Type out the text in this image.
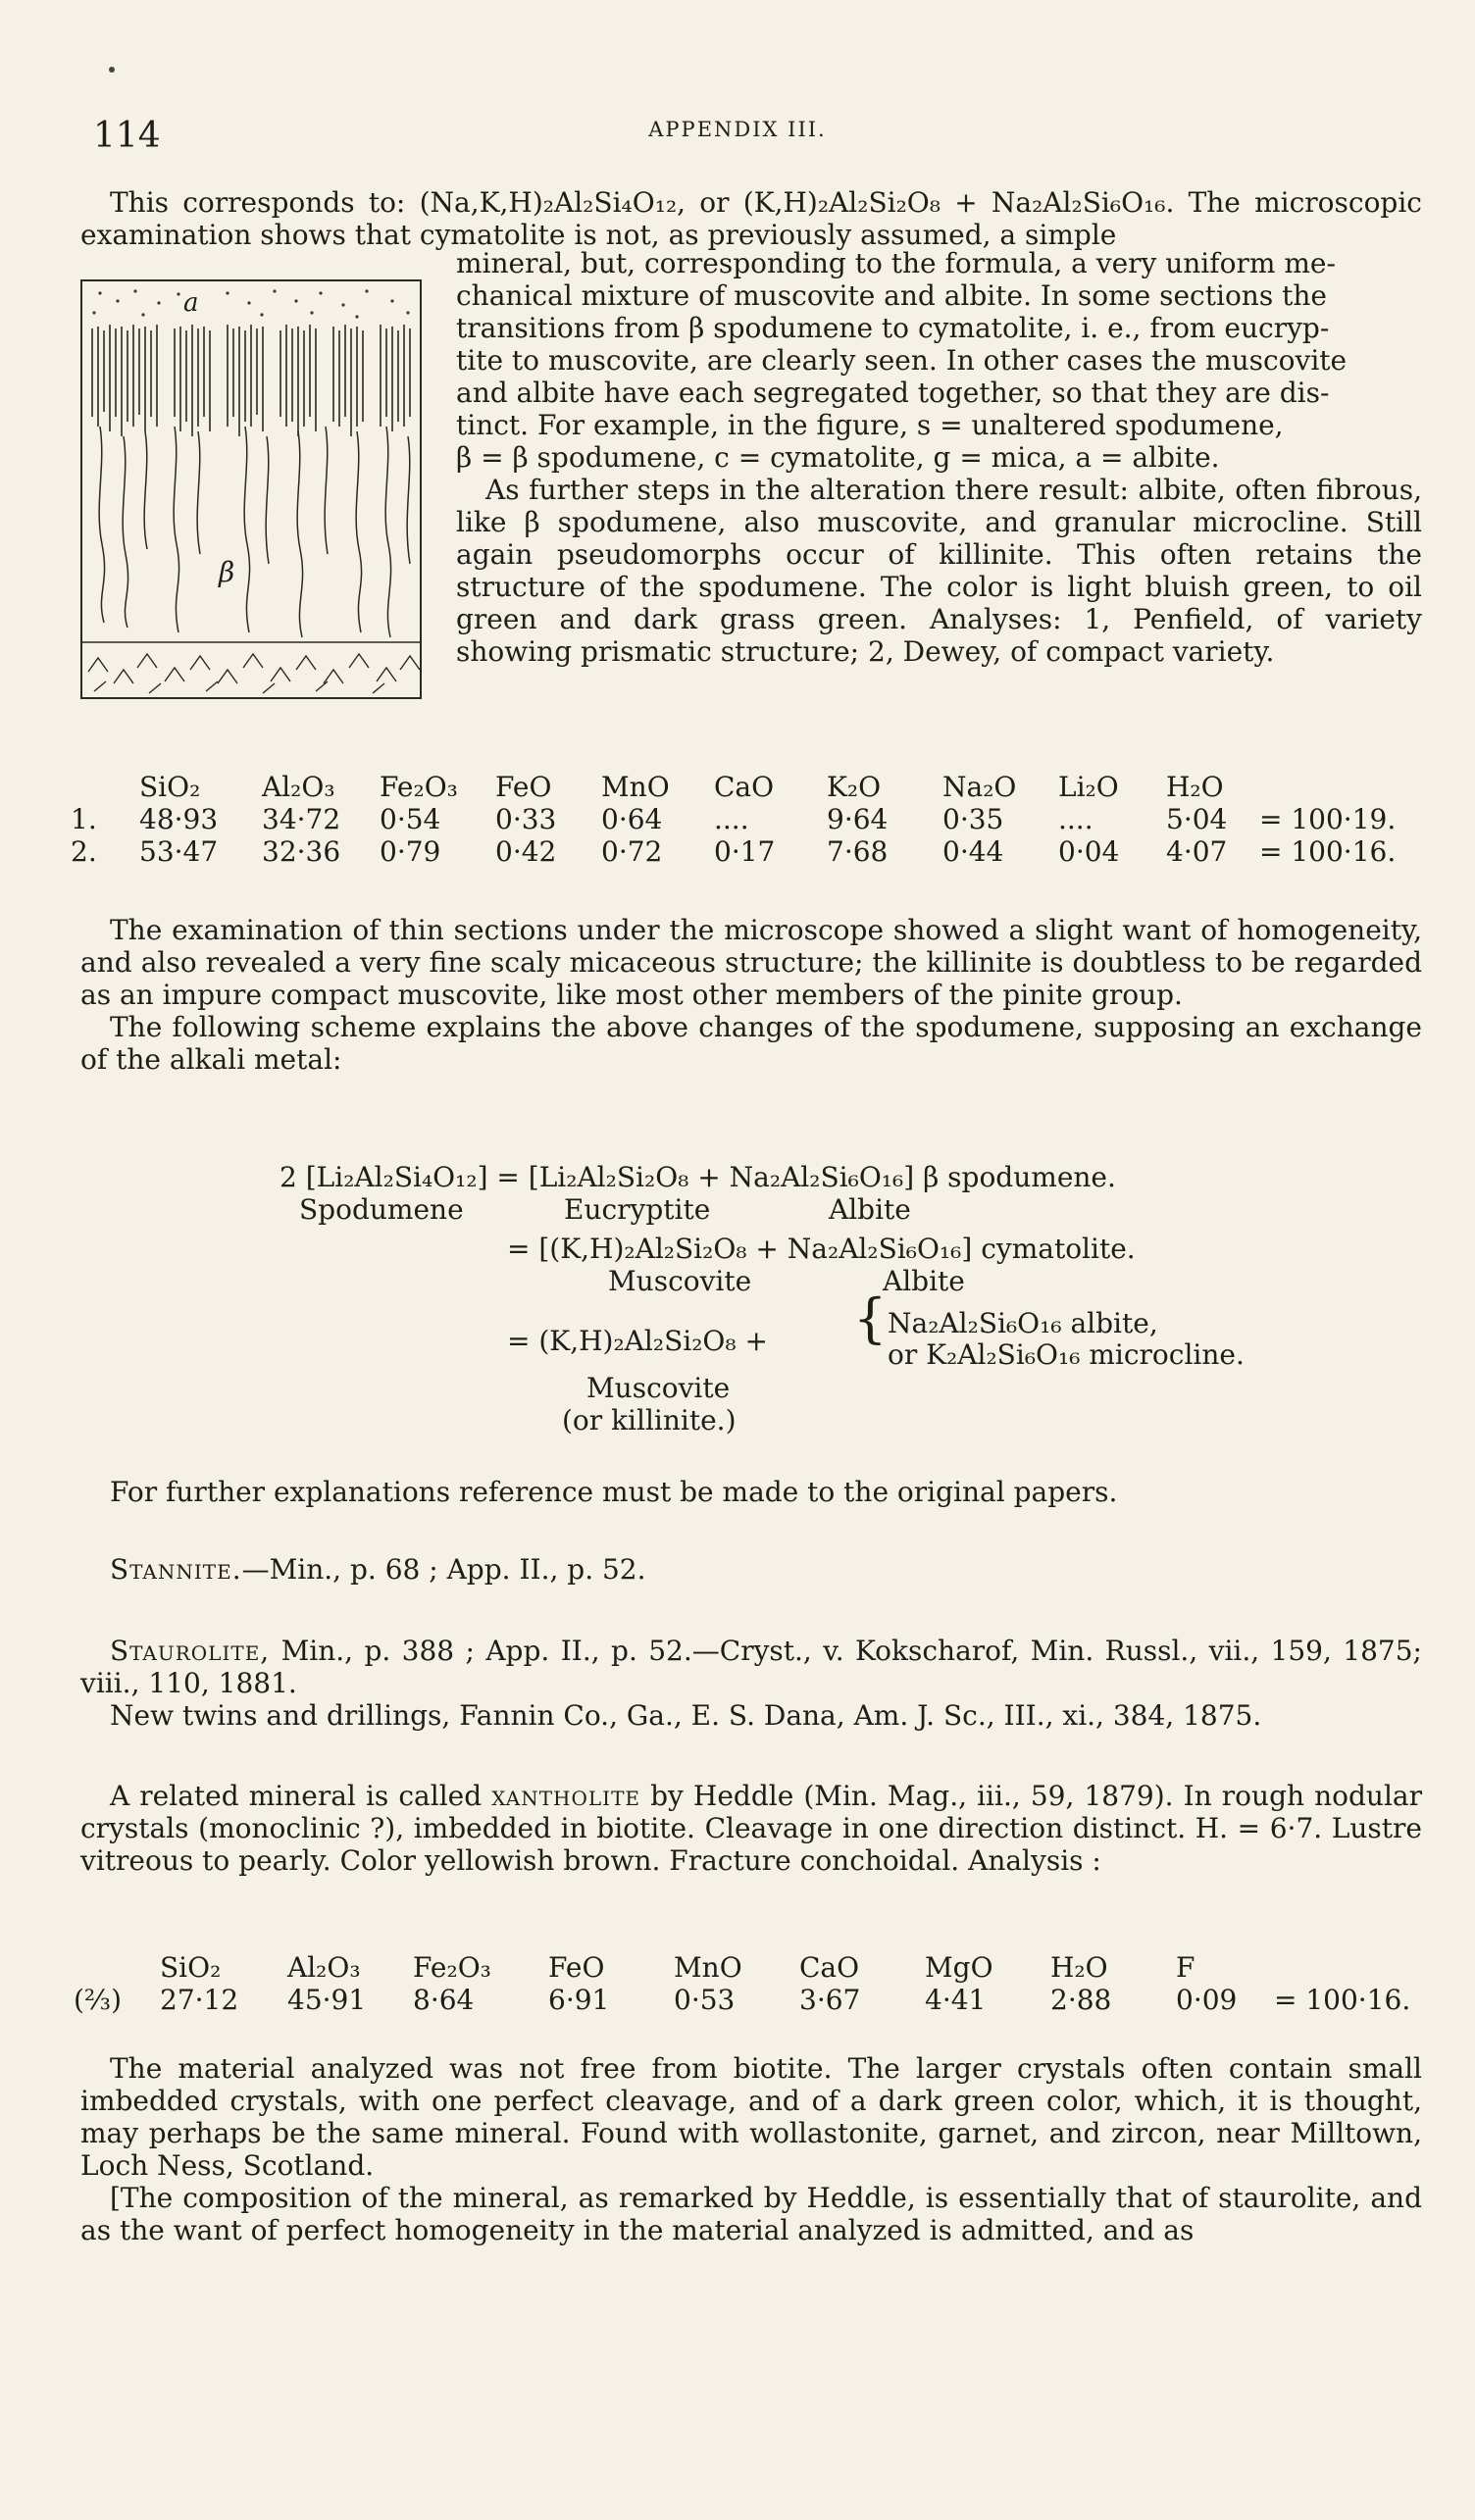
114	APPENDIX III.
This corresponds to: (Na,K,H)₂Al₂Si₄O₁₂, or (K,H)₂Al₂Si₂O₈ + Na₂Al₂Si₆O₁₆. The microscopic examination shows that cymatolite is not, as previously assumed, a simple
a
β
mineral, but, corresponding to the formula, a very uniform me-
chanical mixture of muscovite and albite. In some sections the
transitions from β spodumene to cymatolite, i. e., from eucryp-
tite to muscovite, are clearly seen. In other cases the muscovite
and albite have each segregated together, so that they are dis-
tinct. For example, in the figure, s = unaltered spodumene,
β = β spodumene, c = cymatolite, g = mica, a = albite.

As further steps in the alteration there result: albite, often fibrous, like β spodumene, also muscovite, and granular microcline. Still again pseudomorphs occur of killinite. This often retains the structure of the spodumene. The color is light bluish green, to oil green and dark grass green. Analyses: 1, Penfield, of variety showing prismatic structure; 2, Dewey, of compact variety.

	SiO₂	Al₂O₃	Fe₂O₃	FeO	MnO	CaO	K₂O	Na₂O	Li₂O	H₂O	
1.	48·93	34·72	0·54	0·33	0·64	....	9·64	0·35	....	5·04	= 100·19.
2.	53·47	32·36	0·79	0·42	0·72	0·17	7·68	0·44	0·04	4·07	= 100·16.

The examination of thin sections under the microscope showed a slight want of homogeneity, and also revealed a very fine scaly micaceous structure; the killinite is doubtless to be regarded as an impure compact muscovite, like most other members of the pinite group.

The following scheme explains the above changes of the spodumene, supposing an exchange of the alkali metal:

2 [Li₂Al₂Si₄O₁₂] = [Li₂Al₂Si₂O₈ + Na₂Al₂Si₆O₁₆] β spodumene.
Spodumene	Eucryptite	Albite
= [(K,H)₂Al₂Si₂O₈ + Na₂Al₂Si₆O₁₆] cymatolite.
Muscovite	Albite
= (K,H)₂Al₂Si₂O₈ + { Na₂Al₂Si₆O₁₆ albite,
or K₂Al₂Si₆O₁₆ microcline.
Muscovite
(or killinite.)

For further explanations reference must be made to the original papers.

Stannite.—Min., p. 68 ; App. II., p. 52.

Staurolite, Min., p. 388 ; App. II., p. 52.—Cryst., v. Kokscharof, Min. Russl., vii., 159, 1875; viii., 110, 1881.

New twins and drillings, Fannin Co., Ga., E. S. Dana, Am. J. Sc., III., xi., 384, 1875.

A related mineral is called xantholite by Heddle (Min. Mag., iii., 59, 1879). In rough nodular crystals (monoclinic ?), imbedded in biotite. Cleavage in one direction distinct. H. = 6·7. Lustre vitreous to pearly. Color yellowish brown. Fracture conchoidal. Analysis :

	SiO₂	Al₂O₃	Fe₂O₃	FeO	MnO	CaO	MgO	H₂O	F	
(⅔)	27·12	45·91	8·64	6·91	0·53	3·67	4·41	2·88	0·09	= 100·16.

The material analyzed was not free from biotite. The larger crystals often contain small imbedded crystals, with one perfect cleavage, and of a dark green color, which, it is thought, may perhaps be the same mineral. Found with wollastonite, garnet, and zircon, near Milltown, Loch Ness, Scotland.

[The composition of the mineral, as remarked by Heddle, is essentially that of staurolite, and as the want of perfect homogeneity in the material analyzed is admitted, and as
